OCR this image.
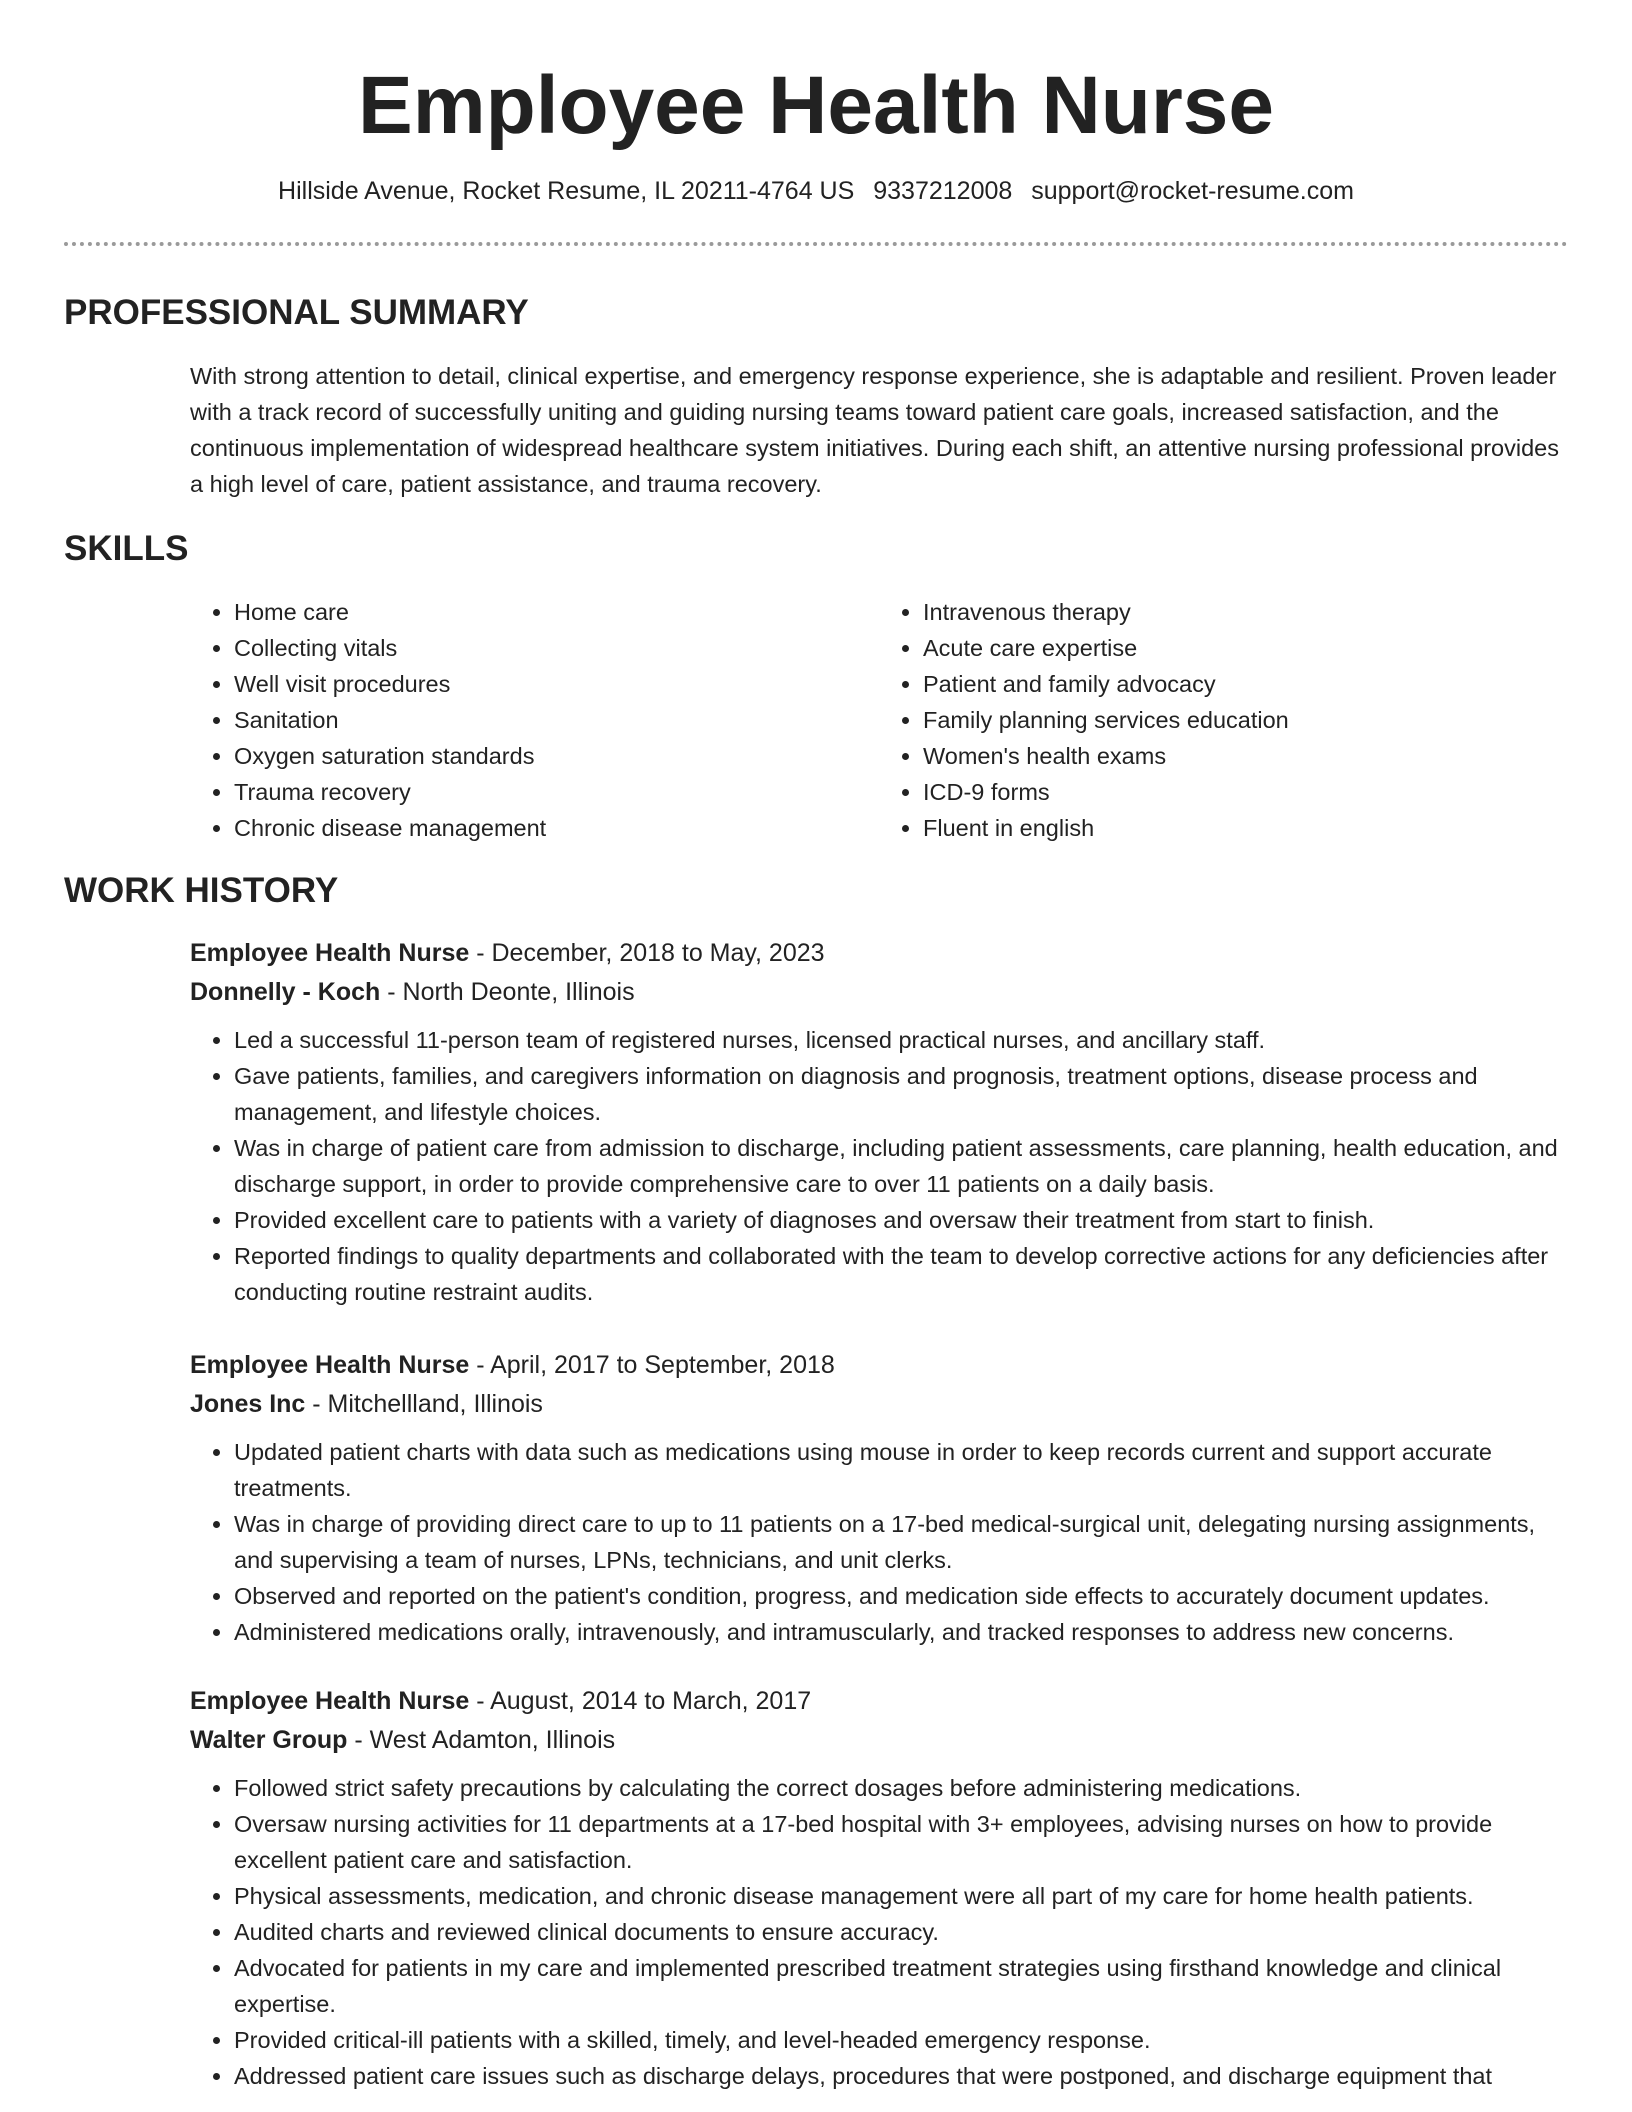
Employee Health Nurse
Hillside Avenue, Rocket Resume, IL 20211-4764 US 9337212008 support@rocket-resume.com
PROFESSIONAL SUMMARY

With strong attention to detail, clinical expertise, and emergency response experience, she is adaptable and resilient. Proven leader with a track record of successfully uniting and guiding nursing teams toward patient care goals, increased satisfaction, and the continuous implementation of widespread healthcare system initiatives. During each shift, an attentive nursing professional provides a high level of care, patient assistance, and trauma recovery.

SKILLS
• Home care
• Collecting vitals
• Well visit procedures
• Sanitation
• Oxygen saturation standards
• Trauma recovery
• Chronic disease management
• Intravenous therapy
• Acute care expertise
• Patient and family advocacy
• Family planning services education
• Women's health exams
• ICD-9 forms
• Fluent in english
WORK HISTORY
Employee Health Nurse - December, 2018 to May, 2023
Donnelly - Koch - North Deonte, Illinois
• Led a successful 11-person team of registered nurses, licensed practical nurses, and ancillary staff.
• Gave patients, families, and caregivers information on diagnosis and prognosis, treatment options, disease process and management, and lifestyle choices.
• Was in charge of patient care from admission to discharge, including patient assessments, care planning, health education, and discharge support, in order to provide comprehensive care to over 11 patients on a daily basis.
• Provided excellent care to patients with a variety of diagnoses and oversaw their treatment from start to finish.
• Reported findings to quality departments and collaborated with the team to develop corrective actions for any deficiencies after conducting routine restraint audits.
Employee Health Nurse - April, 2017 to September, 2018
Jones Inc - Mitchellland, Illinois
• Updated patient charts with data such as medications using mouse in order to keep records current and support accurate treatments.
• Was in charge of providing direct care to up to 11 patients on a 17-bed medical-surgical unit, delegating nursing assignments, and supervising a team of nurses, LPNs, technicians, and unit clerks.
• Observed and reported on the patient's condition, progress, and medication side effects to accurately document updates.
• Administered medications orally, intravenously, and intramuscularly, and tracked responses to address new concerns.
Employee Health Nurse - August, 2014 to March, 2017
Walter Group - West Adamton, Illinois
• Followed strict safety precautions by calculating the correct dosages before administering medications.
• Oversaw nursing activities for 11 departments at a 17-bed hospital with 3+ employees, advising nurses on how to provide excellent patient care and satisfaction.
• Physical assessments, medication, and chronic disease management were all part of my care for home health patients.
• Audited charts and reviewed clinical documents to ensure accuracy.
• Advocated for patients in my care and implemented prescribed treatment strategies using firsthand knowledge and clinical expertise.
• Provided critical-ill patients with a skilled, timely, and level-headed emergency response.
• Addressed patient care issues such as discharge delays, procedures that were postponed, and discharge equipment that
